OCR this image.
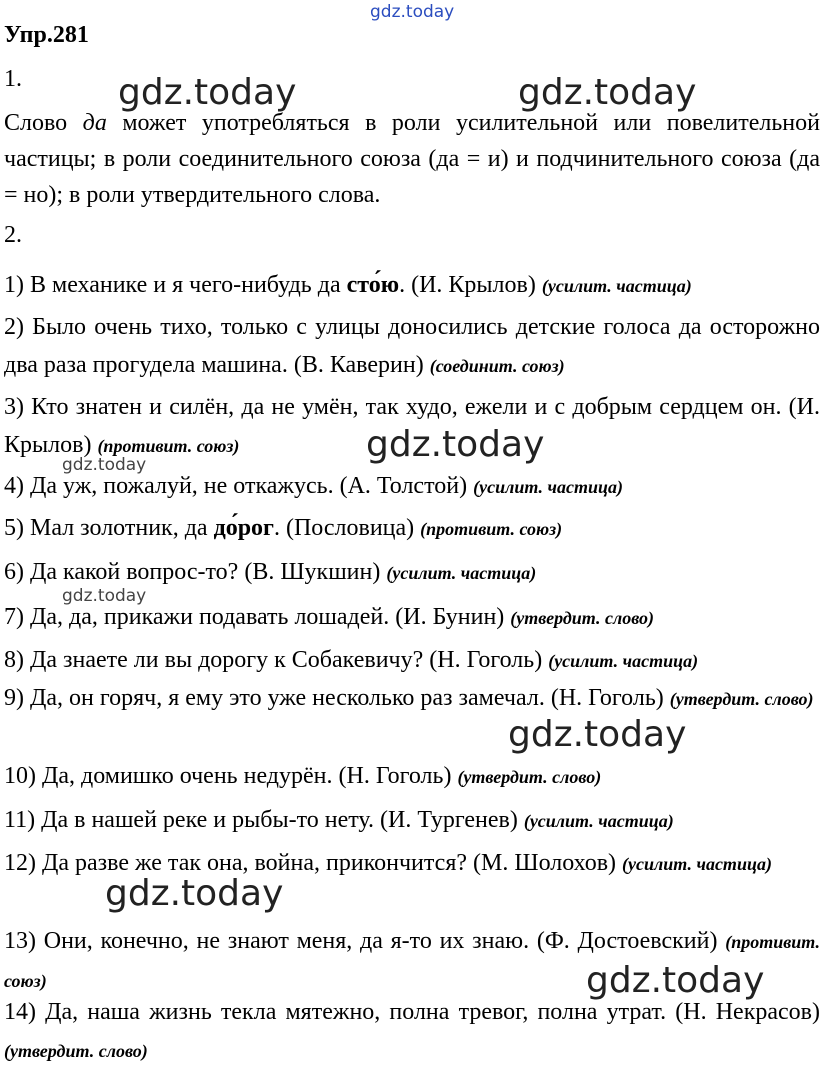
Упр.281
1.

Слово да может употребляться в роли усилительной или повелительной частицы; в роли соединительного союза (да = и) и подчинительного союза (да = но); в роли утвердительного слова.

2.

1) В механике и я чего-нибудь да сто́ю. (И. Крылов) (усилит. частица)

2) Было очень тихо, только с улицы доносились детские голоса да осторожно два раза прогудела машина. (В. Каверин) (соединит. союз)

3) Кто знатен и силён, да не умён, так худо, ежели и с добрым сердцем он. (И. Крылов) (противит. союз)

4) Да уж, пожалуй, не откажусь. (А. Толстой) (усилит. частица)

5) Мал золотник, да до́рог. (Пословица) (противит. союз)

6) Да какой вопрос-то? (В. Шукшин) (усилит. частица)

7) Да, да, прикажи подавать лошадей. (И. Бунин) (утвердит. слово)

8) Да знаете ли вы дорогу к Собакевичу? (Н. Гоголь) (усилит. частица)

9) Да, он горяч, я ему это уже несколько раз замечал. (Н. Гоголь) (утвердит. слово)

10) Да, домишко очень недурён. (Н. Гоголь) (утвердит. слово)

11) Да в нашей реке и рыбы-то нету. (И. Тургенев) (усилит. частица)

12) Да разве же так она, война, прикончится? (М. Шолохов) (усилит. частица)

13) Они, конечно, не знают меня, да я-то их знаю. (Ф. Достоевский) (противит. союз)

14) Да, наша жизнь текла мятежно, полна тревог, полна утрат. (Н. Некрасов) (утвердит. слово)

gdz.today
gdz.today	gdz.today
gdz.today
gdz.today
gdz.today
gdz.today
gdz.today
gdz.today
